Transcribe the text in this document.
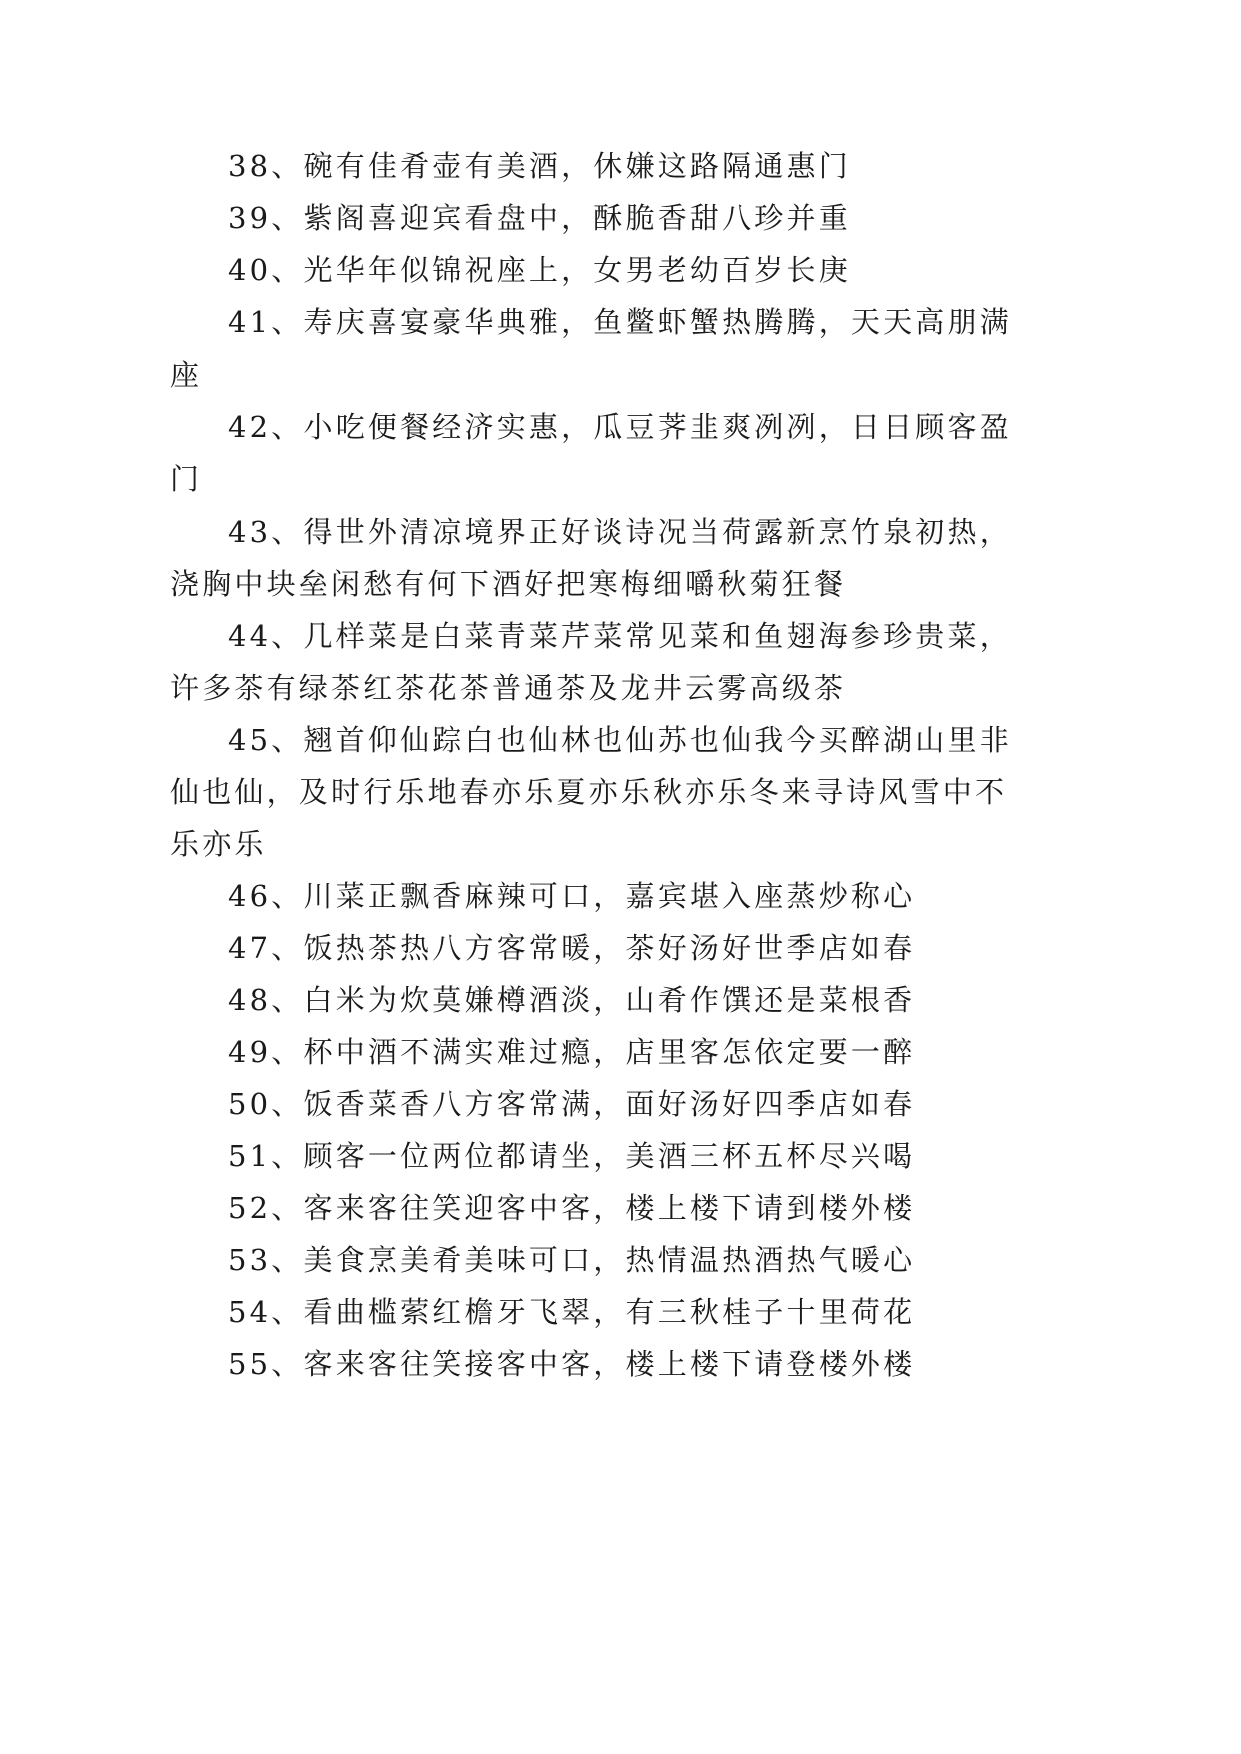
38、碗有佳肴壶有美酒，休嫌这路隔通惠门
39、紫阁喜迎宾看盘中，酥脆香甜八珍并重
40、光华年似锦祝座上，女男老幼百岁长庚
41、寿庆喜宴豪华典雅，鱼鳖虾蟹热腾腾，天天高朋满
座
42、小吃便餐经济实惠，瓜豆荠韭爽冽冽，日日顾客盈
门
43、得世外清凉境界正好谈诗况当荷露新烹竹泉初热，
浇胸中块垒闲愁有何下酒好把寒梅细嚼秋菊狂餐
44、几样菜是白菜青菜芹菜常见菜和鱼翅海参珍贵菜，
许多茶有绿茶红茶花茶普通茶及龙井云雾高级茶
45、翘首仰仙踪白也仙林也仙苏也仙我今买醉湖山里非
仙也仙，及时行乐地春亦乐夏亦乐秋亦乐冬来寻诗风雪中不
乐亦乐
46、川菜正飘香麻辣可口，嘉宾堪入座蒸炒称心
47、饭热茶热八方客常暖，茶好汤好世季店如春
48、白米为炊莫嫌樽酒淡，山肴作馔还是菜根香
49、杯中酒不满实难过瘾，店里客怎依定要一醉
50、饭香菜香八方客常满，面好汤好四季店如春
51、顾客一位两位都请坐，美酒三杯五杯尽兴喝
52、客来客往笑迎客中客，楼上楼下请到楼外楼
53、美食烹美肴美味可口，热情温热酒热气暖心
54、看曲槛萦红檐牙飞翠，有三秋桂子十里荷花
55、客来客往笑接客中客，楼上楼下请登楼外楼
